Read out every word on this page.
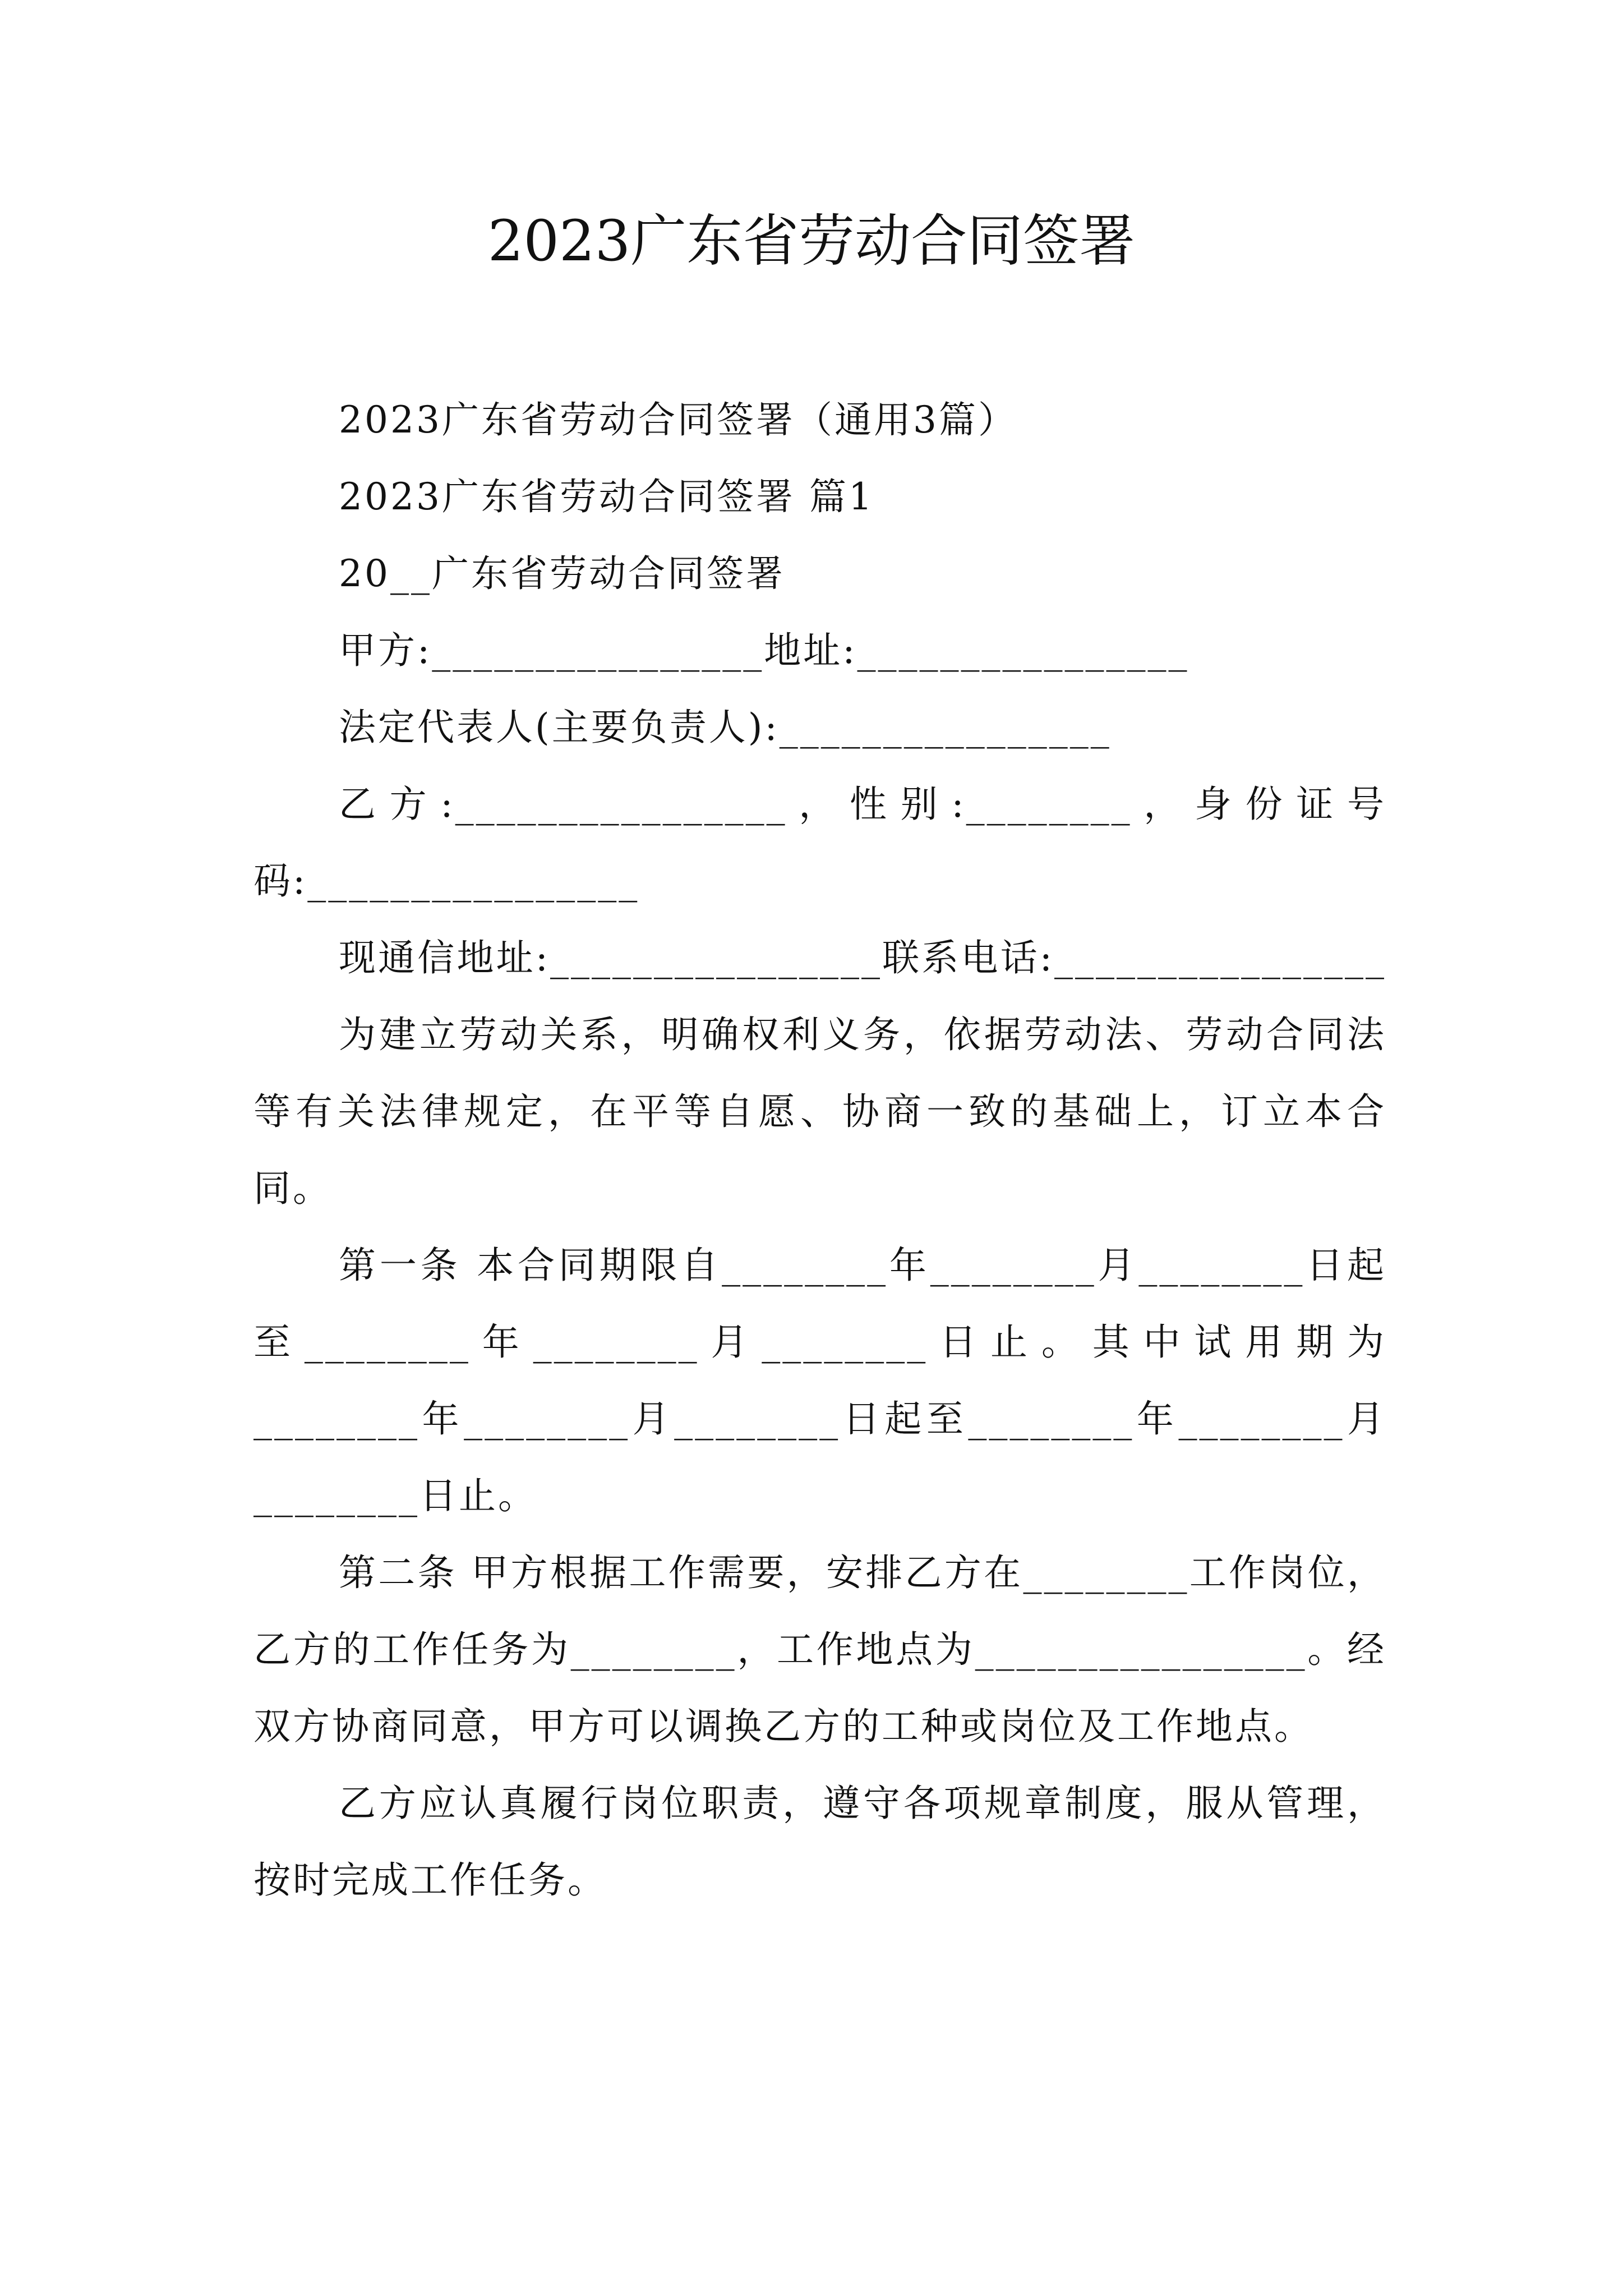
2023广东省劳动合同签署

2023广东省劳动合同签署（通用3篇）

2023广东省劳动合同签署 篇1

20__广东省劳动合同签署

甲方:________________地址:________________

法定代表人(主要负责人):________________

乙方:________________，性别:________，身份证号码:________________

现通信地址:________________联系电话:________________

为建立劳动关系，明确权利义务，依据劳动法、劳动合同法等有关法律规定，在平等自愿、协商一致的基础上，订立本合同。

第一条 本合同期限自________年________月________日起至________年________月________日止。其中试用期为________年________月________日起至________年________月________日止。

第二条 甲方根据工作需要，安排乙方在________工作岗位，乙方的工作任务为________，工作地点为________________。经双方协商同意，甲方可以调换乙方的工种或岗位及工作地点。

乙方应认真履行岗位职责，遵守各项规章制度，服从管理，按时完成工作任务。
